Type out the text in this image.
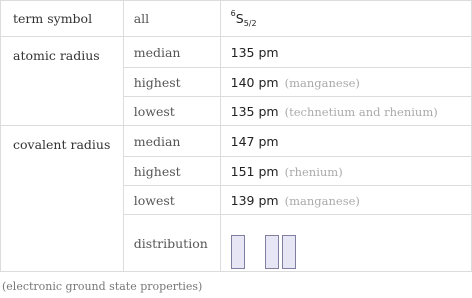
term symbol	all	$^6S_{5/2}$
atomic radius	median	135 pm
	highest	140 pm (manganese)
	lowest	135 pm (technetium and rhenium)
covalent radius	median	147 pm
	highest	151 pm (rhenium)
	lowest	139 pm (manganese)
	distribution	
(electronic ground state properties)
